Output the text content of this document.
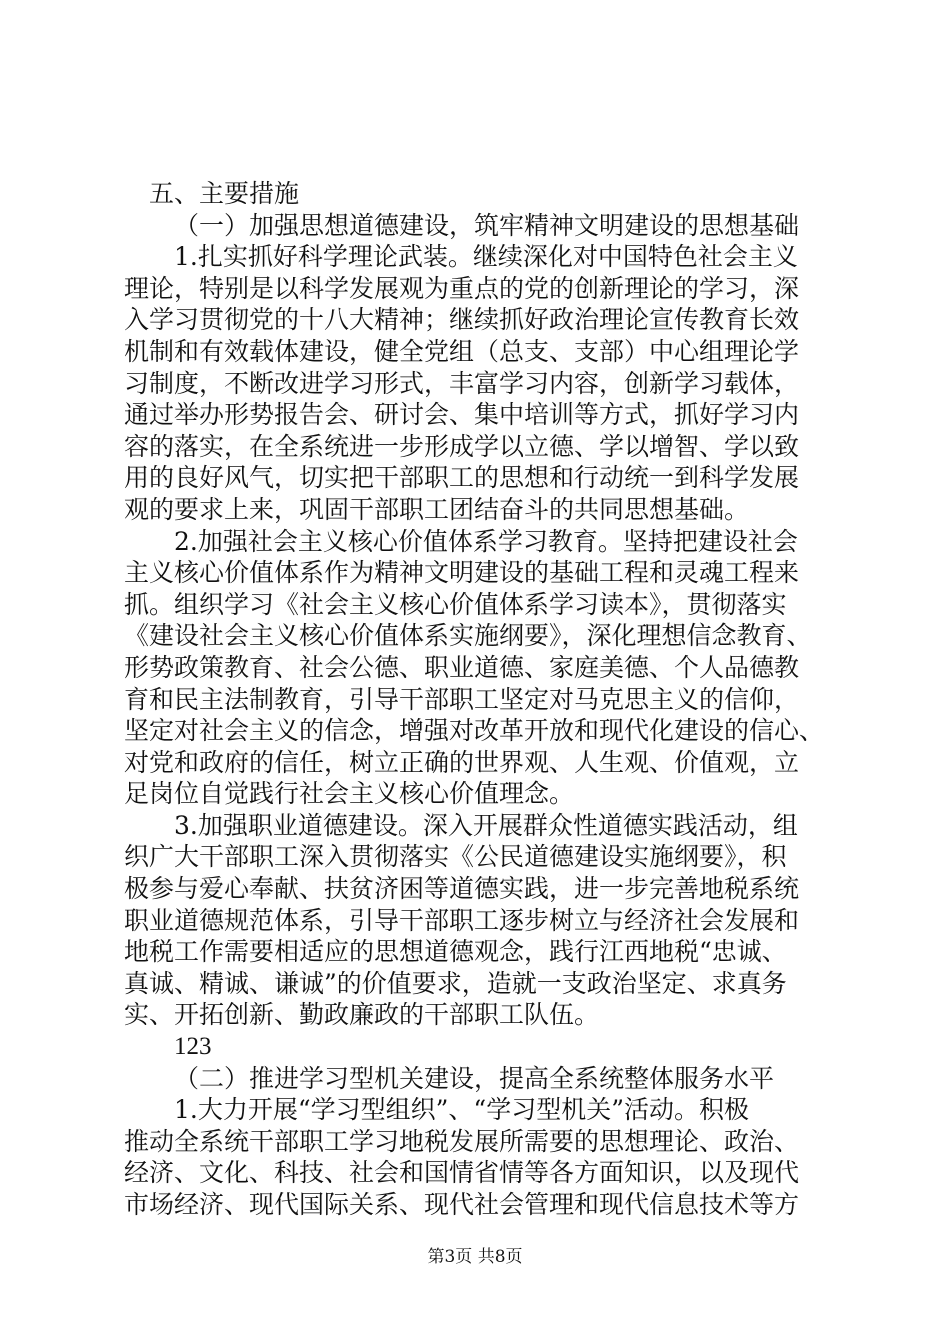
五、主要措施
（一）加强思想道德建设，筑牢精神文明建设的思想基础
1.扎实抓好科学理论武装。继续深化对中国特色社会主义
理论，特别是以科学发展观为重点的党的创新理论的学习，深
入学习贯彻党的十八大精神；继续抓好政治理论宣传教育长效
机制和有效载体建设，健全党组（总支、支部）中心组理论学
习制度，不断改进学习形式，丰富学习内容，创新学习载体，
通过举办形势报告会、研讨会、集中培训等方式，抓好学习内
容的落实，在全系统进一步形成学以立德、学以增智、学以致
用的良好风气，切实把干部职工的思想和行动统一到科学发展
观的要求上来，巩固干部职工团结奋斗的共同思想基础。
2.加强社会主义核心价值体系学习教育。坚持把建设社会
主义核心价值体系作为精神文明建设的基础工程和灵魂工程来
抓。组织学习《社会主义核心价值体系学习读本》，贯彻落实
《建设社会主义核心价值体系实施纲要》，深化理想信念教育、
形势政策教育、社会公德、职业道德、家庭美德、个人品德教
育和民主法制教育，引导干部职工坚定对马克思主义的信仰，
坚定对社会主义的信念，增强对改革开放和现代化建设的信心、
对党和政府的信任，树立正确的世界观、人生观、价值观，立
足岗位自觉践行社会主义核心价值理念。
3.加强职业道德建设。深入开展群众性道德实践活动，组
织广大干部职工深入贯彻落实《公民道德建设实施纲要》，积
极参与爱心奉献、扶贫济困等道德实践，进一步完善地税系统
职业道德规范体系，引导干部职工逐步树立与经济社会发展和
地税工作需要相适应的思想道德观念，践行江西地税“忠诚、
真诚、精诚、谦诚”的价值要求，造就一支政治坚定、求真务
实、开拓创新、勤政廉政的干部职工队伍。
123
（二）推进学习型机关建设，提高全系统整体服务水平
1.大力开展“学习型组织”、“学习型机关”活动。积极
推动全系统干部职工学习地税发展所需要的思想理论、政治、
经济、文化、科技、社会和国情省情等各方面知识，以及现代
市场经济、现代国际关系、现代社会管理和现代信息技术等方
第3页 共8页
